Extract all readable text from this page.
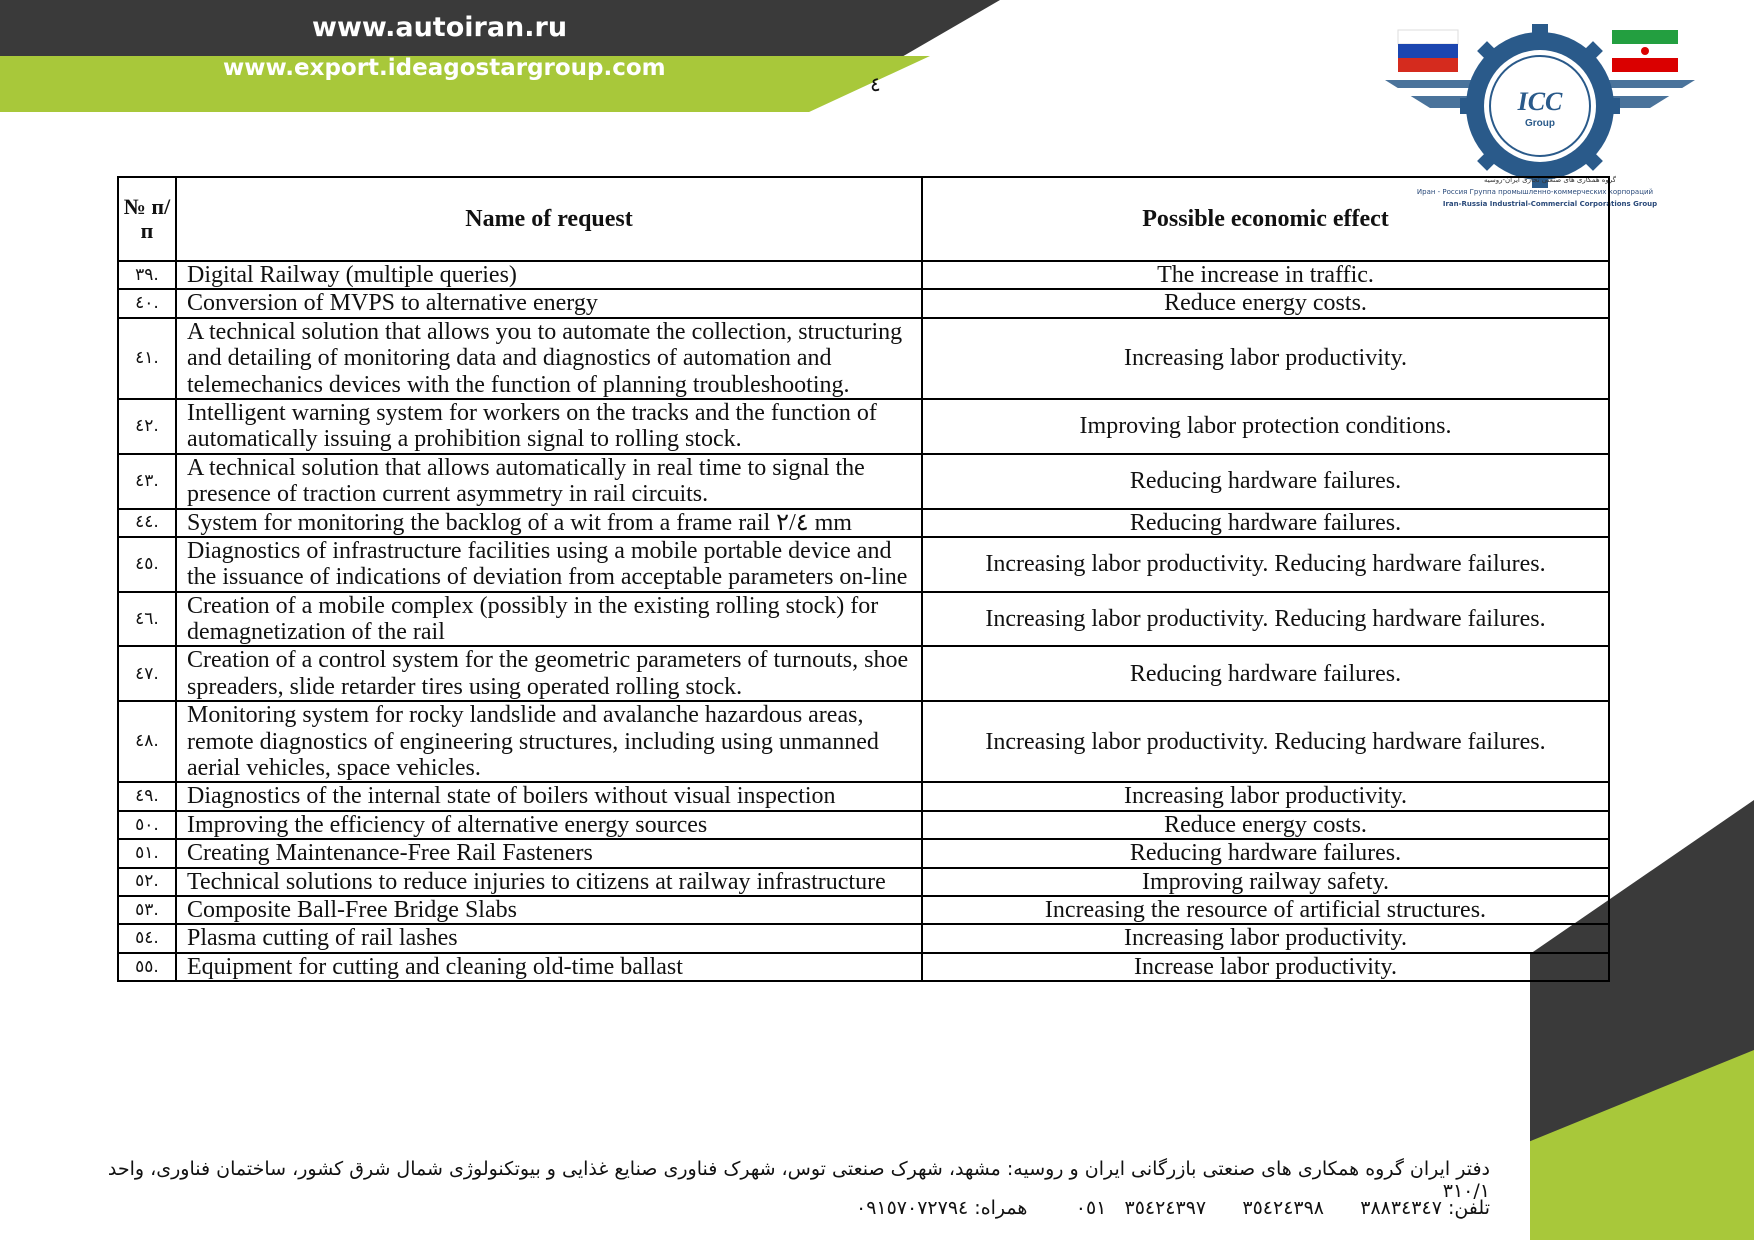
www.autoiran.ru
www.export.ideagostargroup.com
٤
ICC
Group
گروه همکاری های صنعتی تجاری ایران-روسیه
Иран - Россия Группа промышленно-коммерческих корпораций
Iran-Russia Industrial-Commercial Corporations Group
№ п/п	Name of request	Possible economic effect
٣٩.	Digital Railway (multiple queries)	The increase in traffic.
٤٠.	Conversion of MVPS to alternative energy	Reduce energy costs.
٤١.	A technical solution that allows you to automate the collection, structuring and detailing of monitoring data and diagnostics of automation and telemechanics devices with the function of planning troubleshooting.	Increasing labor productivity.
٤٢.	Intelligent warning system for workers on the tracks and the function of automatically issuing a prohibition signal to rolling stock.	Improving labor protection conditions.
٤٣.	A technical solution that allows automatically in real time to signal the presence of traction current asymmetry in rail circuits.	Reducing hardware failures.
٤٤.	System for monitoring the backlog of a wit from a frame rail ٢/٤ mm	Reducing hardware failures.
٤٥.	Diagnostics of infrastructure facilities using a mobile portable device and the issuance of indications of deviation from acceptable parameters on-line	Increasing labor productivity. Reducing hardware failures.
٤٦.	Creation of a mobile complex (possibly in the existing rolling stock) for demagnetization of the rail	Increasing labor productivity. Reducing hardware failures.
٤٧.	Creation of a control system for the geometric parameters of turnouts, shoe spreaders, slide retarder tires using operated rolling stock.	Reducing hardware failures.
٤٨.	Monitoring system for rocky landslide and avalanche hazardous areas, remote diagnostics of engineering structures, including using unmanned aerial vehicles, space vehicles.	Increasing labor productivity. Reducing hardware failures.
٤٩.	Diagnostics of the internal state of boilers without visual inspection	Increasing labor productivity.
٥٠.	Improving the efficiency of alternative energy sources	Reduce energy costs.
٥١.	Creating Maintenance-Free Rail Fasteners	Reducing hardware failures.
٥٢.	Technical solutions to reduce injuries to citizens at railway infrastructure	Improving railway safety.
٥٣.	Composite Ball-Free Bridge Slabs	Increasing the resource of artificial structures.
٥٤.	Plasma cutting of rail lashes	Increasing labor productivity.
٥٥.	Equipment for cutting and cleaning old-time ballast	Increase labor productivity.
دفتر ایران گروه همکاری های صنعتی بازرگانی ایران و روسیه: مشهد، شهرک صنعتی توس، شهرک فناوری صنایع غذایی و بیوتکنولوژی شمال شرق کشور، ساختمان فناوری، واحد ٣١٠/١
تلفن: ٣٨٨٣٤٣٤٧      ٣٥٤٢٤٣٩٨      ٣٥٤٢٤٣٩٧   ٠٥١        همراه: ٠٩١٥٧٠٧٢٧٩٤
